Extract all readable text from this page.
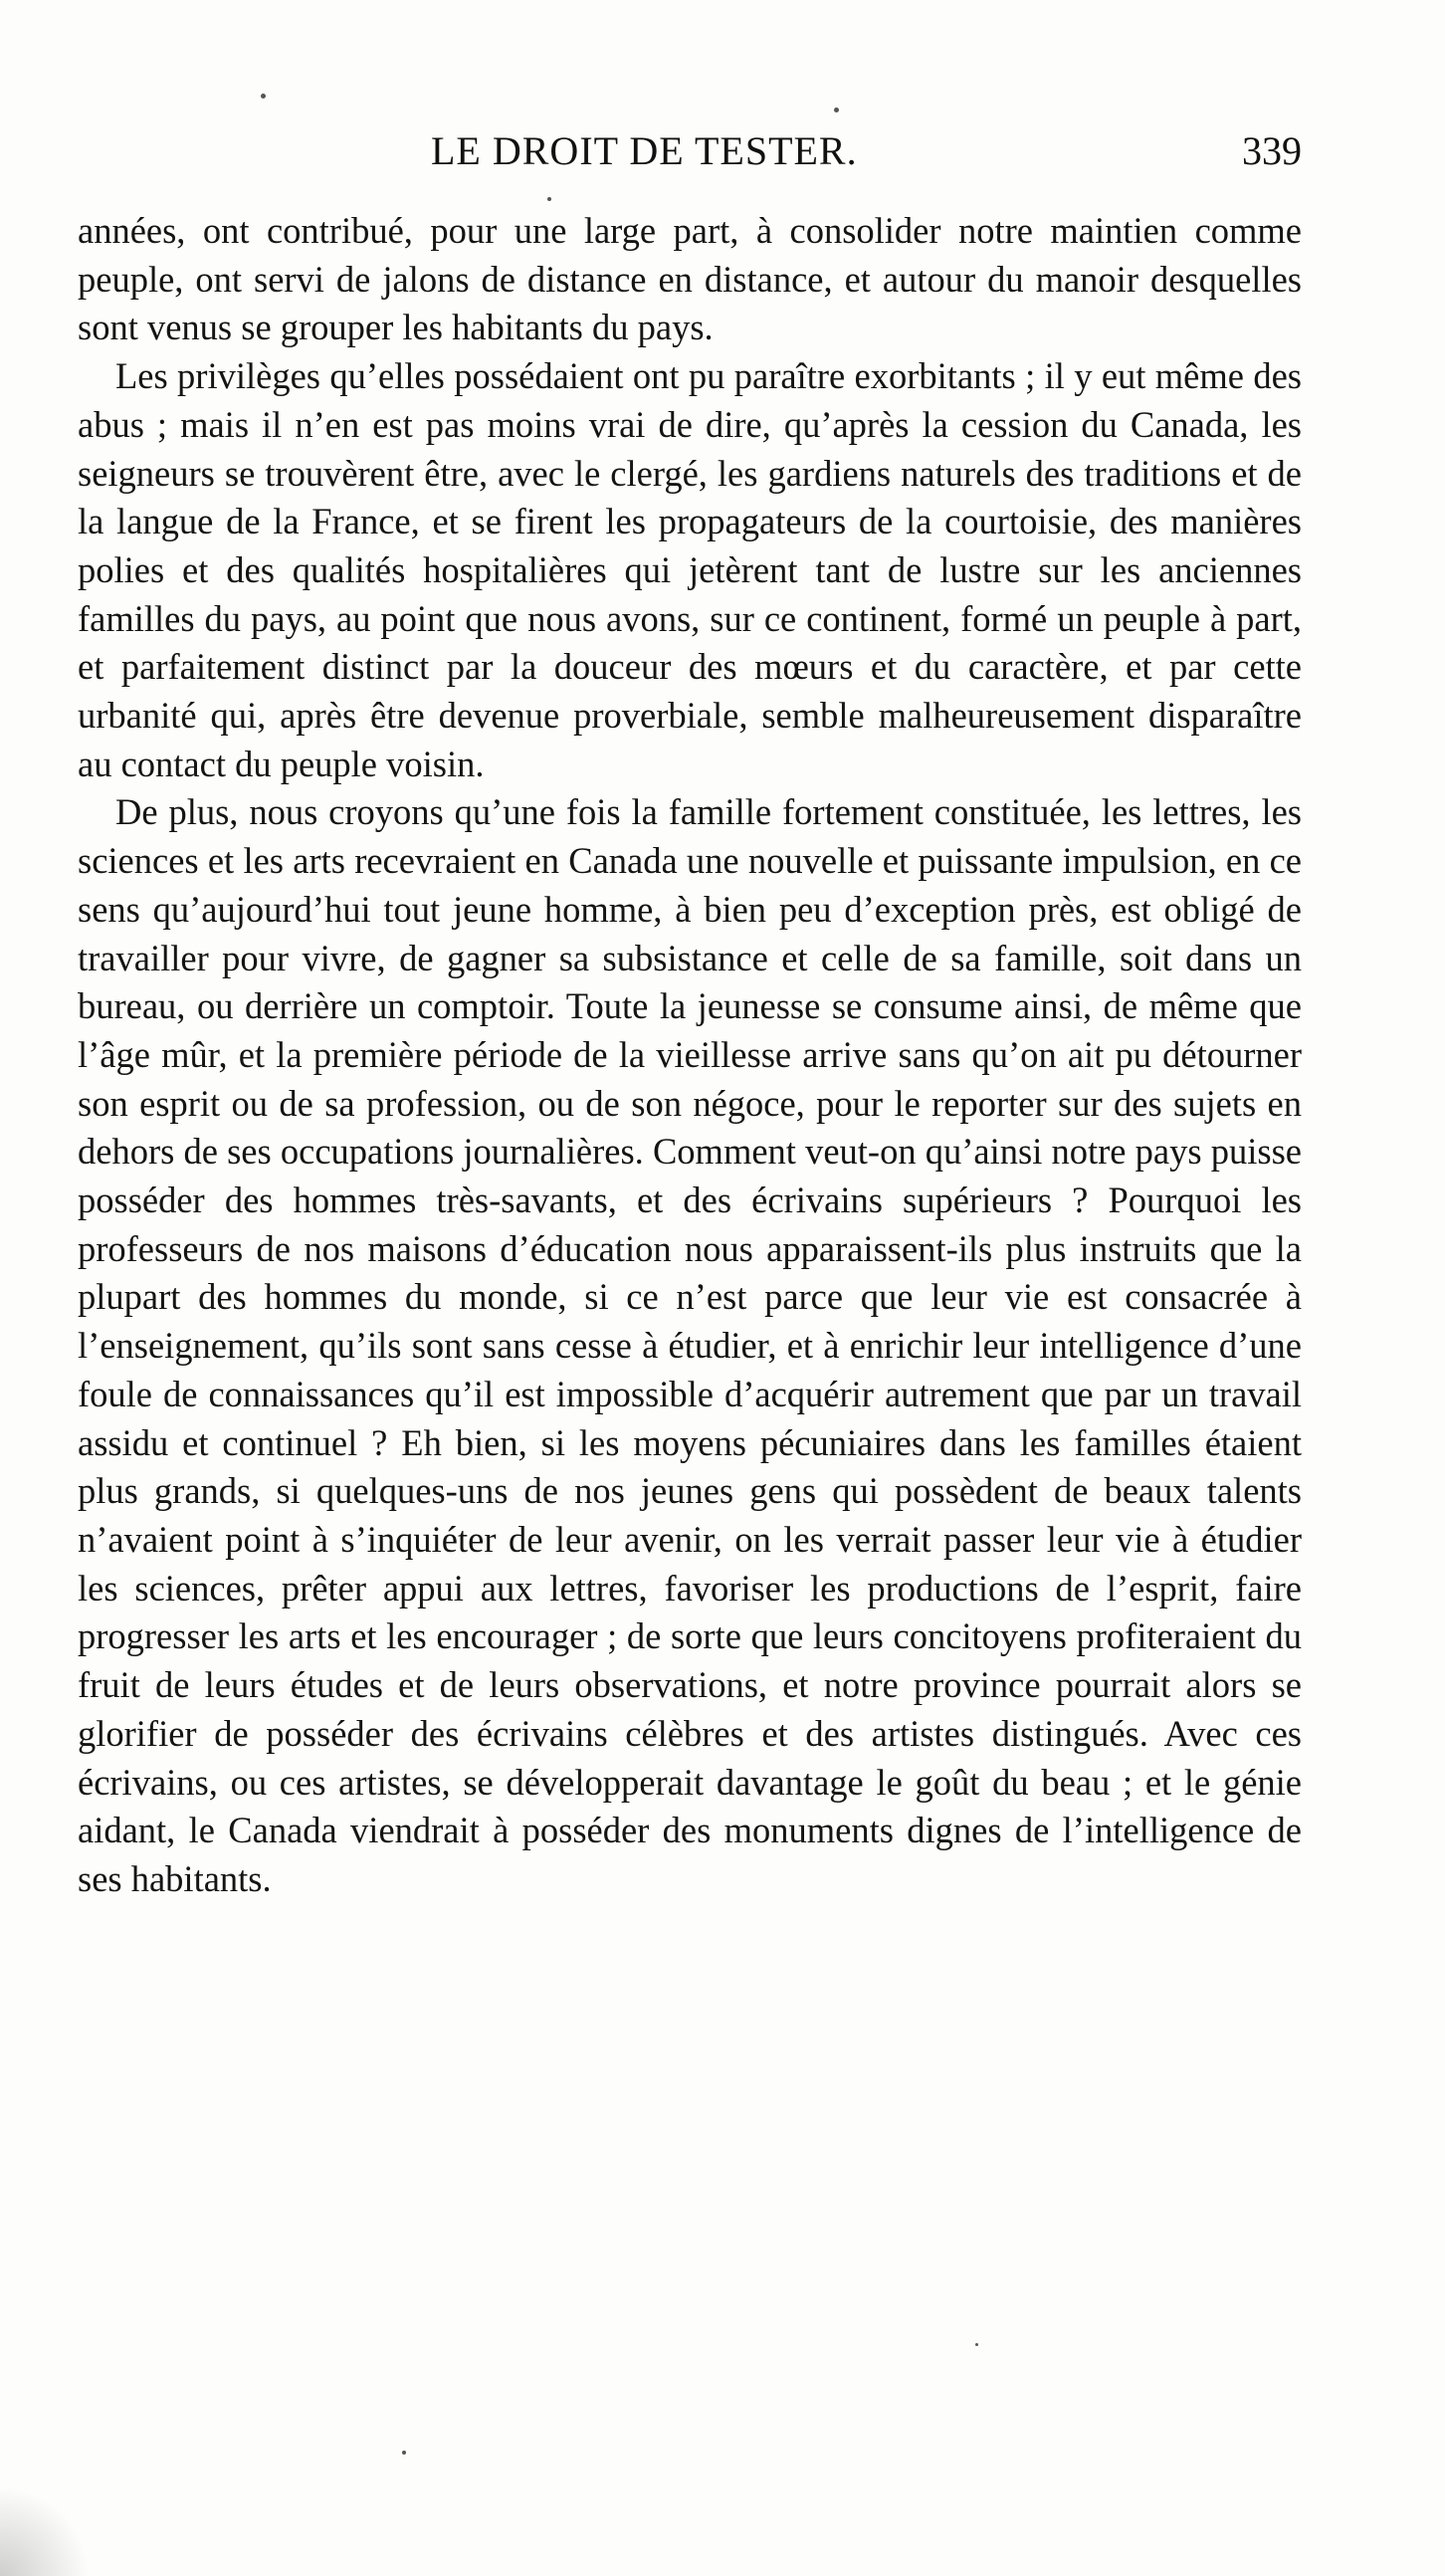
LE DROIT DE TESTER.	339

années, ont contribué, pour une large part, à consolider notre maintien comme peuple, ont servi de jalons de distance en distance, et autour du manoir desquelles sont venus se grouper les habitants du pays.

Les privilèges qu’elles possédaient ont pu paraître exorbitants ; il y eut même des abus ; mais il n’en est pas moins vrai de dire, qu’après la cession du Canada, les seigneurs se trouvèrent être, avec le clergé, les gardiens naturels des traditions et de la langue de la France, et se firent les propagateurs de la courtoisie, des manières polies et des qualités hospitalières qui jetèrent tant de lustre sur les anciennes familles du pays, au point que nous avons, sur ce continent, formé un peuple à part, et parfaitement distinct par la douceur des mœurs et du caractère, et par cette urbanité qui, après être devenue proverbiale, semble malheureusement disparaître au contact du peuple voisin.

De plus, nous croyons qu’une fois la famille fortement constituée, les lettres, les sciences et les arts recevraient en Canada une nouvelle et puissante impulsion, en ce sens qu’aujourd’hui tout jeune homme, à bien peu d’exception près, est obligé de travailler pour vivre, de gagner sa subsistance et celle de sa famille, soit dans un bureau, ou derrière un comptoir. Toute la jeunesse se consume ainsi, de même que l’âge mûr, et la première période de la vieillesse arrive sans qu’on ait pu détourner son esprit ou de sa profession, ou de son négoce, pour le reporter sur des sujets en dehors de ses occupations journalières. Comment veut-on qu’ainsi notre pays puisse posséder des hommes très-savants, et des écrivains supérieurs ? Pourquoi les professeurs de nos maisons d’éducation nous apparaissent-ils plus instruits que la plupart des hommes du monde, si ce n’est parce que leur vie est consacrée à l’enseignement, qu’ils sont sans cesse à étudier, et à enrichir leur intelligence d’une foule de connaissances qu’il est impossible d’acquérir autrement que par un travail assidu et continuel ? Eh bien, si les moyens pécuniaires dans les familles étaient plus grands, si quelques-uns de nos jeunes gens qui possèdent de beaux talents n’avaient point à s’inquiéter de leur avenir, on les verrait passer leur vie à étudier les sciences, prêter appui aux lettres, favoriser les productions de l’esprit, faire progresser les arts et les encourager ; de sorte que leurs concitoyens profiteraient du fruit de leurs études et de leurs observations, et notre province pourrait alors se glorifier de posséder des écrivains célèbres et des artistes distingués. Avec ces écrivains, ou ces artistes, se développerait davantage le goût du beau ; et le génie aidant, le Canada viendrait à posséder des monuments dignes de l’intelligence de ses habitants.
